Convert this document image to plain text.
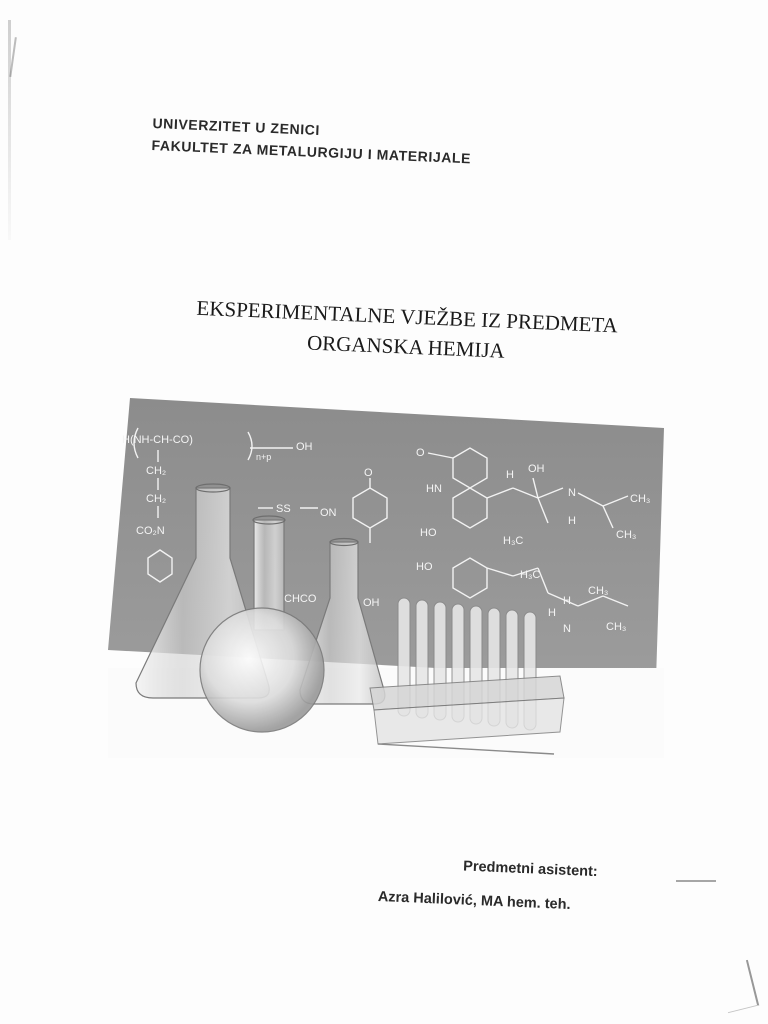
UNIVERZITET U ZENICI
FAKULTET ZA METALURGIJU I MATERIJALE
EKSPERIMENTALNE VJEŽBE IZ PREDMETA
ORGANSKA HEMIJA
H(NH-CH-CO)
n+p
OH
CH₂
CH₂
CO₂N
SS	ON
O
CHCO	OH
O
HN
HO
OH
H
N
H
CH₃
CH₃
H₃C
HO
H₃C
H
CH₃
N
H
CH₃
Predmetni asistent:
Azra Halilović, MA hem. teh.
